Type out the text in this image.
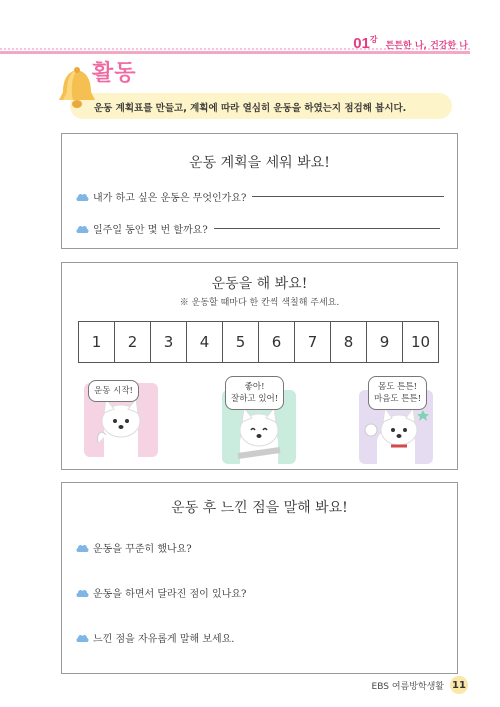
$01^강$
튼튼한 나, 건강한 나
운동 계획표를 만들고, 계획에 따라 열심히 운동을 하였는지 점검해 봅시다.
활동
운동 계획을 세워 봐요!
내가 하고 싶은 운동은 무엇인가요?
일주일 동안 몇 번 할까요?
운동을 해 봐요!
※ 운동할 때마다 한 칸씩 색칠해 주세요.
1	2	3	4	5	6	7	8	9	10
운동 시작!	좋아!
잘하고 있어!
몸도 튼튼!
마음도 튼튼!
운동 후 느낀 점을 말해 봐요!
운동을 꾸준히 했나요?
운동을 하면서 달라진 점이 있나요?
느낀 점을 자유롭게 말해 보세요.
EBS 여름방학생활 11
